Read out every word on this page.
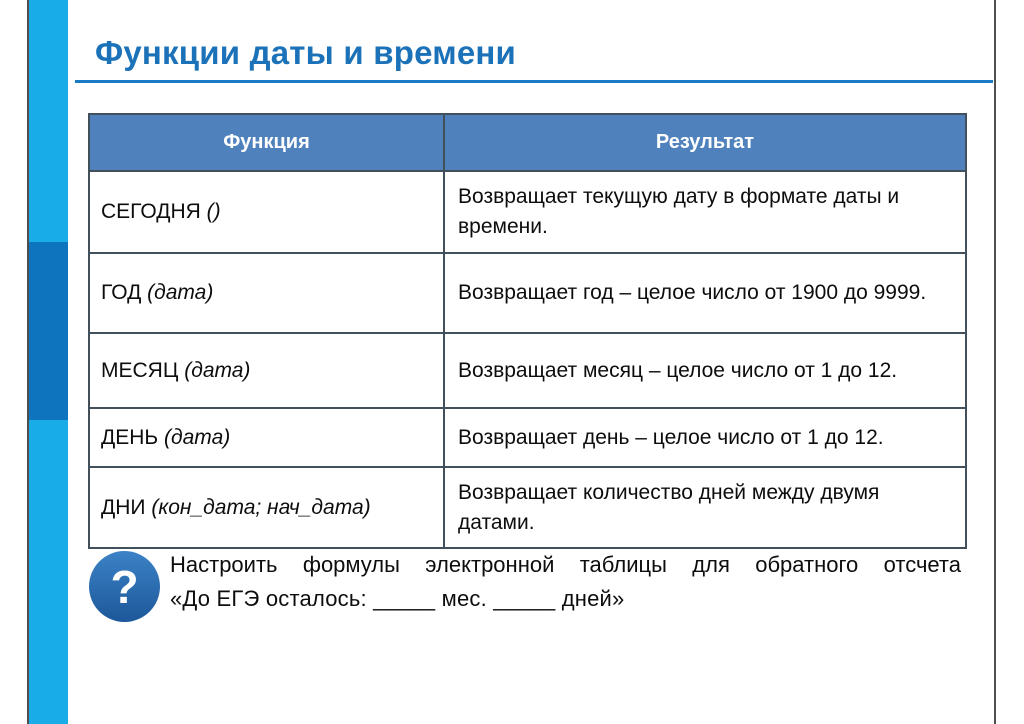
Функции даты и времени
Функция	Результат
СЕГОДНЯ ()	Возвращает текущую дату в формате даты и времени.
ГОД (дата)	Возвращает год – целое число от 1900 до 9999.
МЕСЯЦ (дата)	Возвращает месяц – целое число от 1 до 12.
ДЕНЬ (дата)	Возвращает день – целое число от 1 до 12.
ДНИ (кон_дата; нач_дата)	Возвращает количество дней между двумя датами.
?	Настроить формулы электронной таблицы для обратного отсчета
«До ЕГЭ осталось: _____ мес. _____ дней»
